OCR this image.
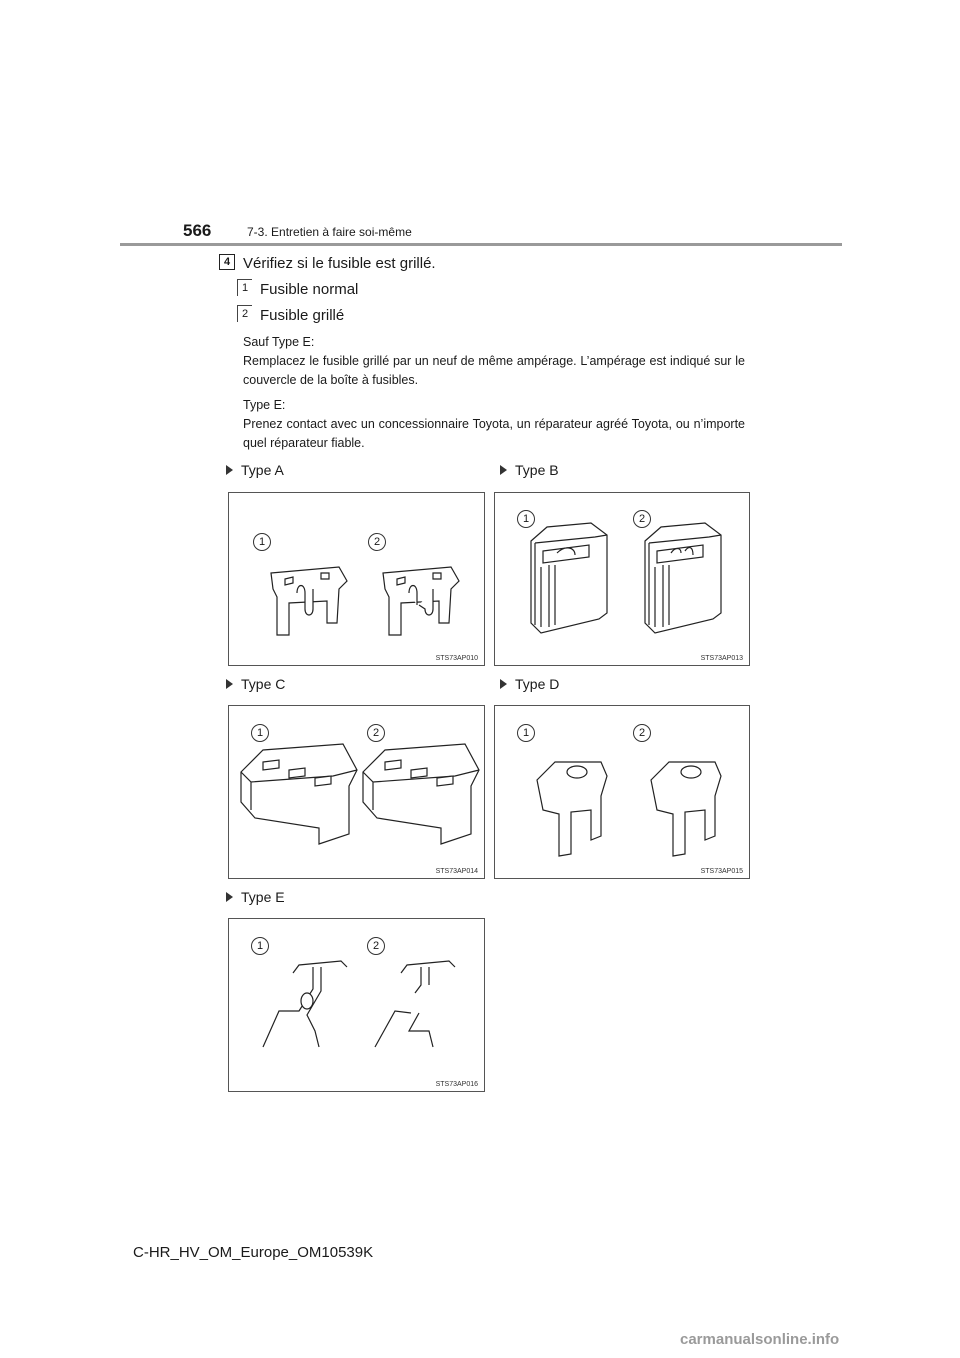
566	7-3. Entretien à faire soi-même
4 Vérifiez si le fusible est grillé.
1 Fusible normal
2 Fusible grillé

Sauf Type E:

Remplacez le fusible grillé par un neuf de même ampérage. L’ampérage est indiqué sur le couvercle de la boîte à fusibles.

Type E:

Prenez contact avec un concessionnaire Toyota, un réparateur agréé Toyota, ou n’importe quel réparateur fiable.

Type A	Type B
Type C	Type D
Type E
1	2
STS73AP010
1	2
STS73AP013
1	2
STS73AP014
1	2
STS73AP015
1	2
STS73AP016
C-HR_HV_OM_Europe_OM10539K
carmanualsonline.info
